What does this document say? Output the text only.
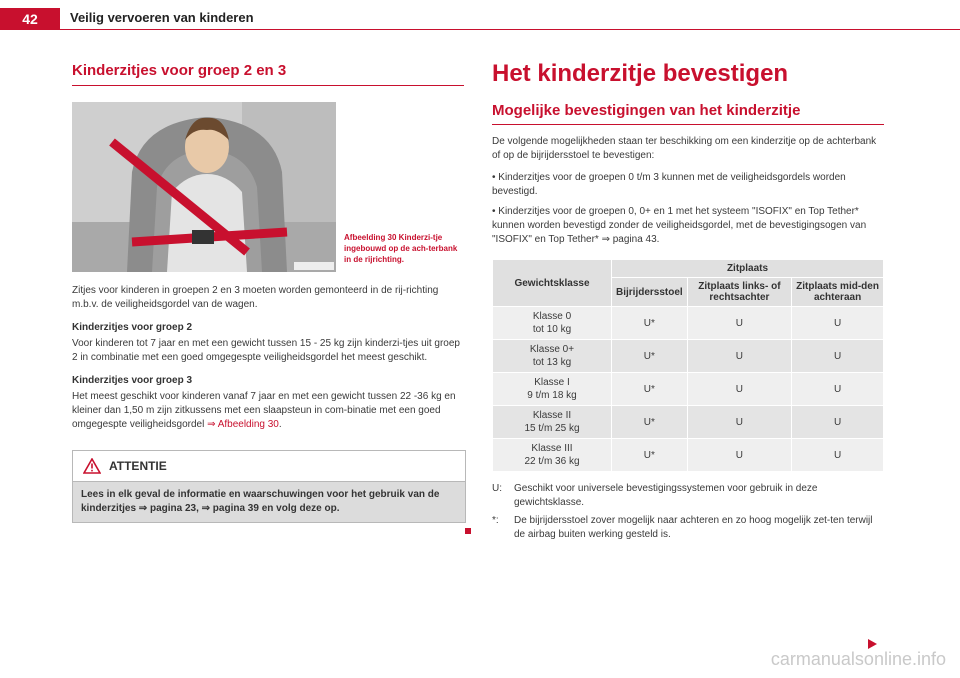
42	Veilig vervoeren van kinderen
Kinderzitjes voor groep 2 en 3
Afbeelding 30 Kinderzi-tje ingebouwd op de ach-terbank in de rijrichting.

Zitjes voor kinderen in groepen 2 en 3 moeten worden gemonteerd in de rij-richting m.b.v. de veiligheidsgordel van de wagen.

Kinderzitjes voor groep 2

Voor kinderen tot 7 jaar en met een gewicht tussen 15 - 25 kg zijn kinderzi-tjes uit groep 2 in combinatie met een goed omgegespte veiligheidsgordel het meest geschikt.

Kinderzitjes voor groep 3

Het meest geschikt voor kinderen vanaf 7 jaar en met een gewicht tussen 22 -36 kg en kleiner dan 1,50 m zijn zitkussens met een slaapsteun in com-binatie met een goed omgegespte veiligheidsgordel ⇒ Afbeelding 30.

ATTENTIE
Lees in elk geval de informatie en waarschuwingen voor het gebruik van de kinderzitjes ⇒ pagina 23, ⇒ pagina 39 en volg deze op.
Het kinderzitje bevestigen
Mogelijke bevestigingen van het kinderzitje

De volgende mogelijkheden staan ter beschikking om een kinderzitje op de achterbank of op de bijrijdersstoel te bevestigen:

• Kinderzitjes voor de groepen 0 t/m 3 kunnen met de veiligheidsgordels worden bevestigd.
• Kinderzitjes voor de groepen 0, 0+ en 1 met het systeem "ISOFIX" en Top Tether* kunnen worden bevestigd zonder de veiligheidsgordel, met de bevestigingsogen van "ISOFIX" en Top Tether* ⇒ pagina 43.
Gewichtsklasse	Zitplaats		
	Bijrijdersstoel	Zitplaats links- of rechtsachter	Zitplaats mid-den achteraan
Klasse 0
tot 10 kg	U*	U	U
Klasse 0+
tot 13 kg	U*	U	U
Klasse I
9 t/m 18 kg	U*	U	U
Klasse II
15 t/m 25 kg	U*	U	U
Klasse III
22 t/m 36 kg	U*	U	U
U:	Geschikt voor universele bevestigingssystemen voor gebruik in deze gewichtsklasse.
*:	De bijrijdersstoel zover mogelijk naar achteren en zo hoog mogelijk zet-ten terwijl de airbag buiten werking gesteld is.
carmanualsonline.info
